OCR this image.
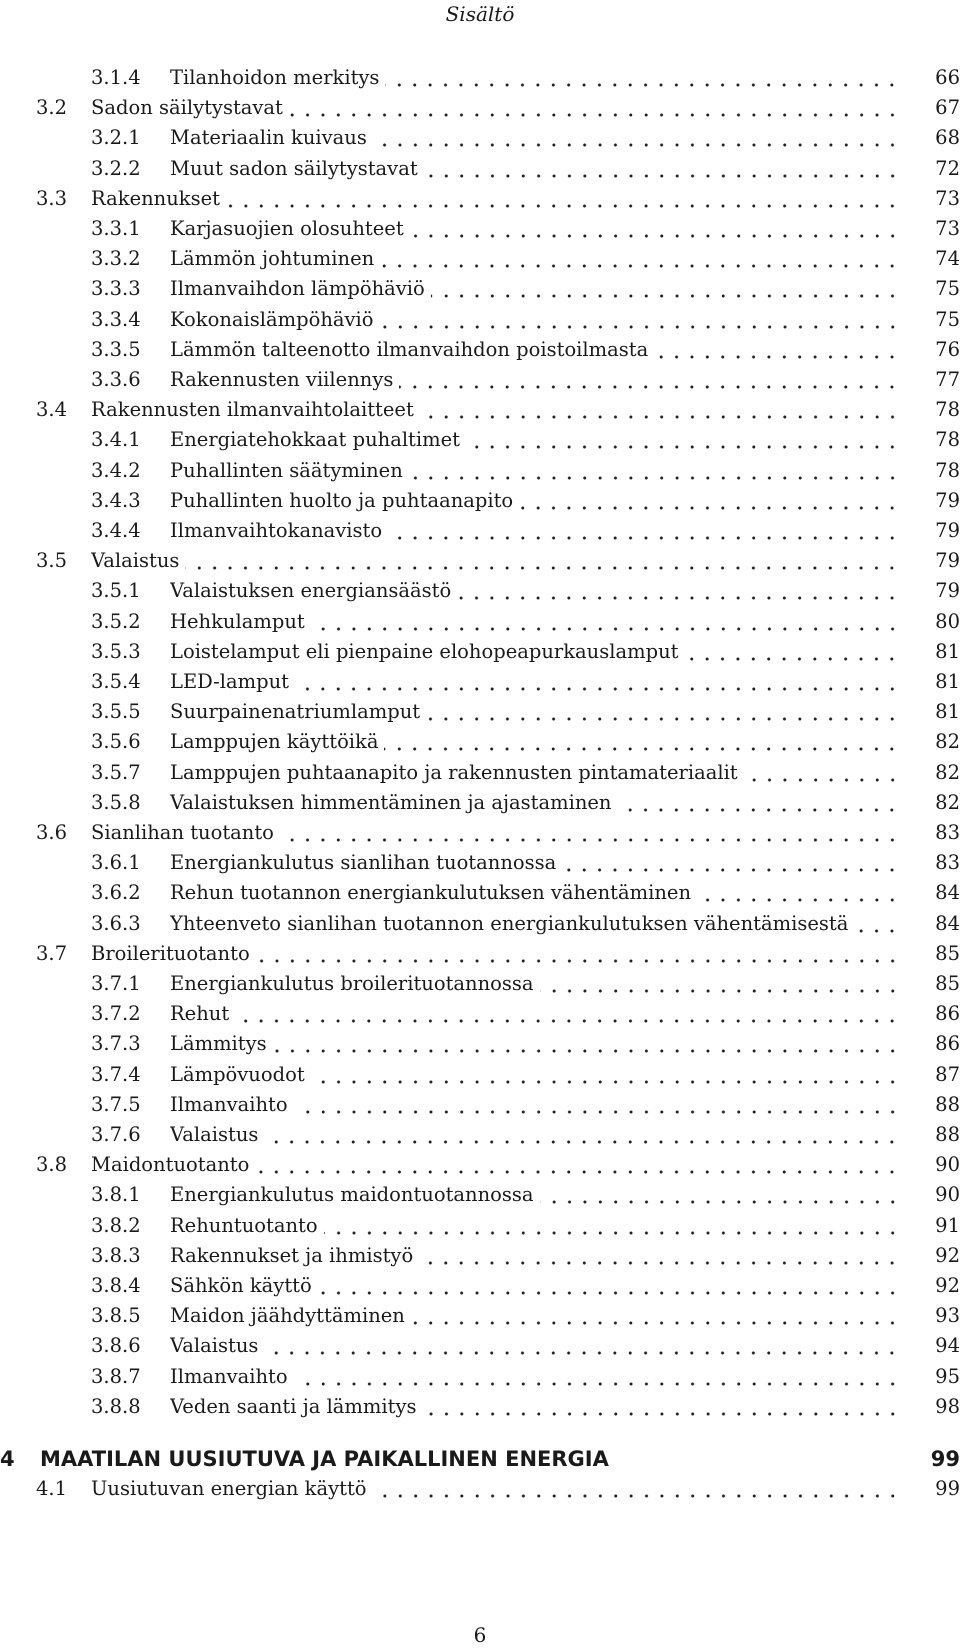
Sisältö
3.1.4 Tilanhoidon merkitys	66
3.2 Sadon säilytystavat	67
3.2.1 Materiaalin kuivaus	68
3.2.2 Muut sadon säilytystavat	72
3.3 Rakennukset	73
3.3.1 Karjasuojien olosuhteet	73
3.3.2 Lämmön johtuminen	74
3.3.3 Ilmanvaihdon lämpöhäviö	75
3.3.4 Kokonaislämpöhäviö	75
3.3.5 Lämmön talteenotto ilmanvaihdon poistoilmasta	76
3.3.6 Rakennusten viilennys	77
3.4 Rakennusten ilmanvaihtolaitteet	78
3.4.1 Energiatehokkaat puhaltimet	78
3.4.2 Puhallinten säätyminen	78
3.4.3 Puhallinten huolto ja puhtaanapito	79
3.4.4 Ilmanvaihtokanavisto	79
3.5 Valaistus	79
3.5.1 Valaistuksen energiansäästö	79
3.5.2 Hehkulamput	80
3.5.3 Loistelamput eli pienpaine elohopeapurkauslamput	81
3.5.4 LED-lamput	81
3.5.5 Suurpainenatriumlamput	81
3.5.6 Lamppujen käyttöikä	82
3.5.7 Lamppujen puhtaanapito ja rakennusten pintamateriaalit	82
3.5.8 Valaistuksen himmentäminen ja ajastaminen	82
3.6 Sianlihan tuotanto	83
3.6.1 Energiankulutus sianlihan tuotannossa	83
3.6.2 Rehun tuotannon energiankulutuksen vähentäminen	84
3.6.3 Yhteenveto sianlihan tuotannon energiankulutuksen vähentämisestä	84
3.7 Broilerituotanto	85
3.7.1 Energiankulutus broilerituotannossa	85
3.7.2 Rehut	86
3.7.3 Lämmitys	86
3.7.4 Lämpövuodot	87
3.7.5 Ilmanvaihto	88
3.7.6 Valaistus	88
3.8 Maidontuotanto	90
3.8.1 Energiankulutus maidontuotannossa	90
3.8.2 Rehuntuotanto	91
3.8.3 Rakennukset ja ihmistyö	92
3.8.4 Sähkön käyttö	92
3.8.5 Maidon jäähdyttäminen	93
3.8.6 Valaistus	94
3.8.7 Ilmanvaihto	95
3.8.8 Veden saanti ja lämmitys	98
4 MAATILAN UUSIUTUVA JA PAIKALLINEN ENERGIA	99
4.1 Uusiutuvan energian käyttö	99
6
